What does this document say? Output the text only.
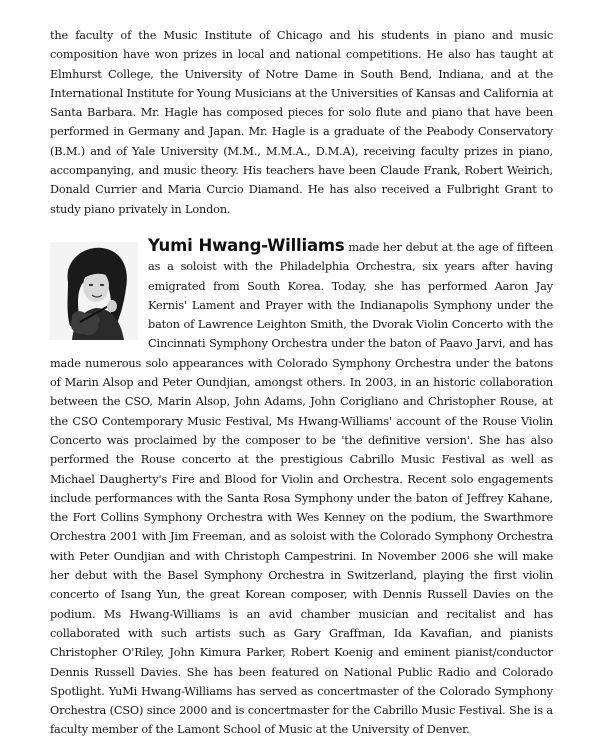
the faculty of the Music Institute of Chicago and his students in piano and music composition have won prizes in local and national competitions. He also has taught at Elmhurst College, the University of Notre Dame in South Bend, Indiana, and at the International Institute for Young Musicians at the Universities of Kansas and California at Santa Barbara. Mr. Hagle has composed pieces for solo flute and piano that have been performed in Germany and Japan. Mr. Hagle is a graduate of the Peabody Conservatory (B.M.) and of Yale University (M.M., M.M.A., D.M.A), receiving faculty prizes in piano, accompanying, and music theory. His teachers have been Claude Frank, Robert Weirich, Donald Currier and Maria Curcio Diamand. He has also received a Fulbright Grant to study piano privately in London.

Yumi Hwang-Williams
made her debut at the age of fifteen as a soloist with the Philadelphia Orchestra, six years after having emigrated from South Korea. Today, she has performed Aaron Jay Kernis' Lament and Prayer with the Indianapolis Symphony under the baton of Lawrence Leighton Smith, the Dvorak Violin Concerto with the Cincinnati Symphony Orchestra under the baton of Paavo Jarvi, and has made numerous solo appearances with Colorado Symphony Orchestra under the batons of Marin Alsop and Peter Oundjian, amongst others. In 2003, in an historic collaboration between the CSO, Marin Alsop, John Adams, John Corigliano and Christopher Rouse, at the CSO Contemporary Music Festival, Ms Hwang-Williams' account of the Rouse Violin Concerto was proclaimed by the composer to be 'the definitive version'. She has also performed the Rouse concerto at the prestigious Cabrillo Music Festival as well as Michael Daugherty's Fire and Blood for Violin and Orchestra. Recent solo engagements include performances with the Santa Rosa Symphony under the baton of Jeffrey Kahane, the Fort Collins Symphony Orchestra with Wes Kenney on the podium, the Swarthmore Orchestra 2001 with Jim Freeman, and as soloist with the Colorado Symphony Orchestra with Peter Oundjian and with Christoph Campestrini. In November 2006 she will make her debut with the Basel Symphony Orchestra in Switzerland, playing the first violin concerto of Isang Yun, the great Korean composer, with Dennis Russell Davies on the podium. Ms Hwang-Williams is an avid chamber musician and recitalist and has collaborated with such artists such as Gary Graffman, Ida Kavafian, and pianists Christopher O'Riley, John Kimura Parker, Robert Koenig and eminent pianist/conductor Dennis Russell Davies. She has been featured on National Public Radio and Colorado Spotlight. YuMi Hwang-Williams has served as concertmaster of the Colorado Symphony Orchestra (CSO) since 2000 and is concertmaster for the Cabrillo Music Festival. She is a faculty member of the Lamont School of Music at the University of Denver.
